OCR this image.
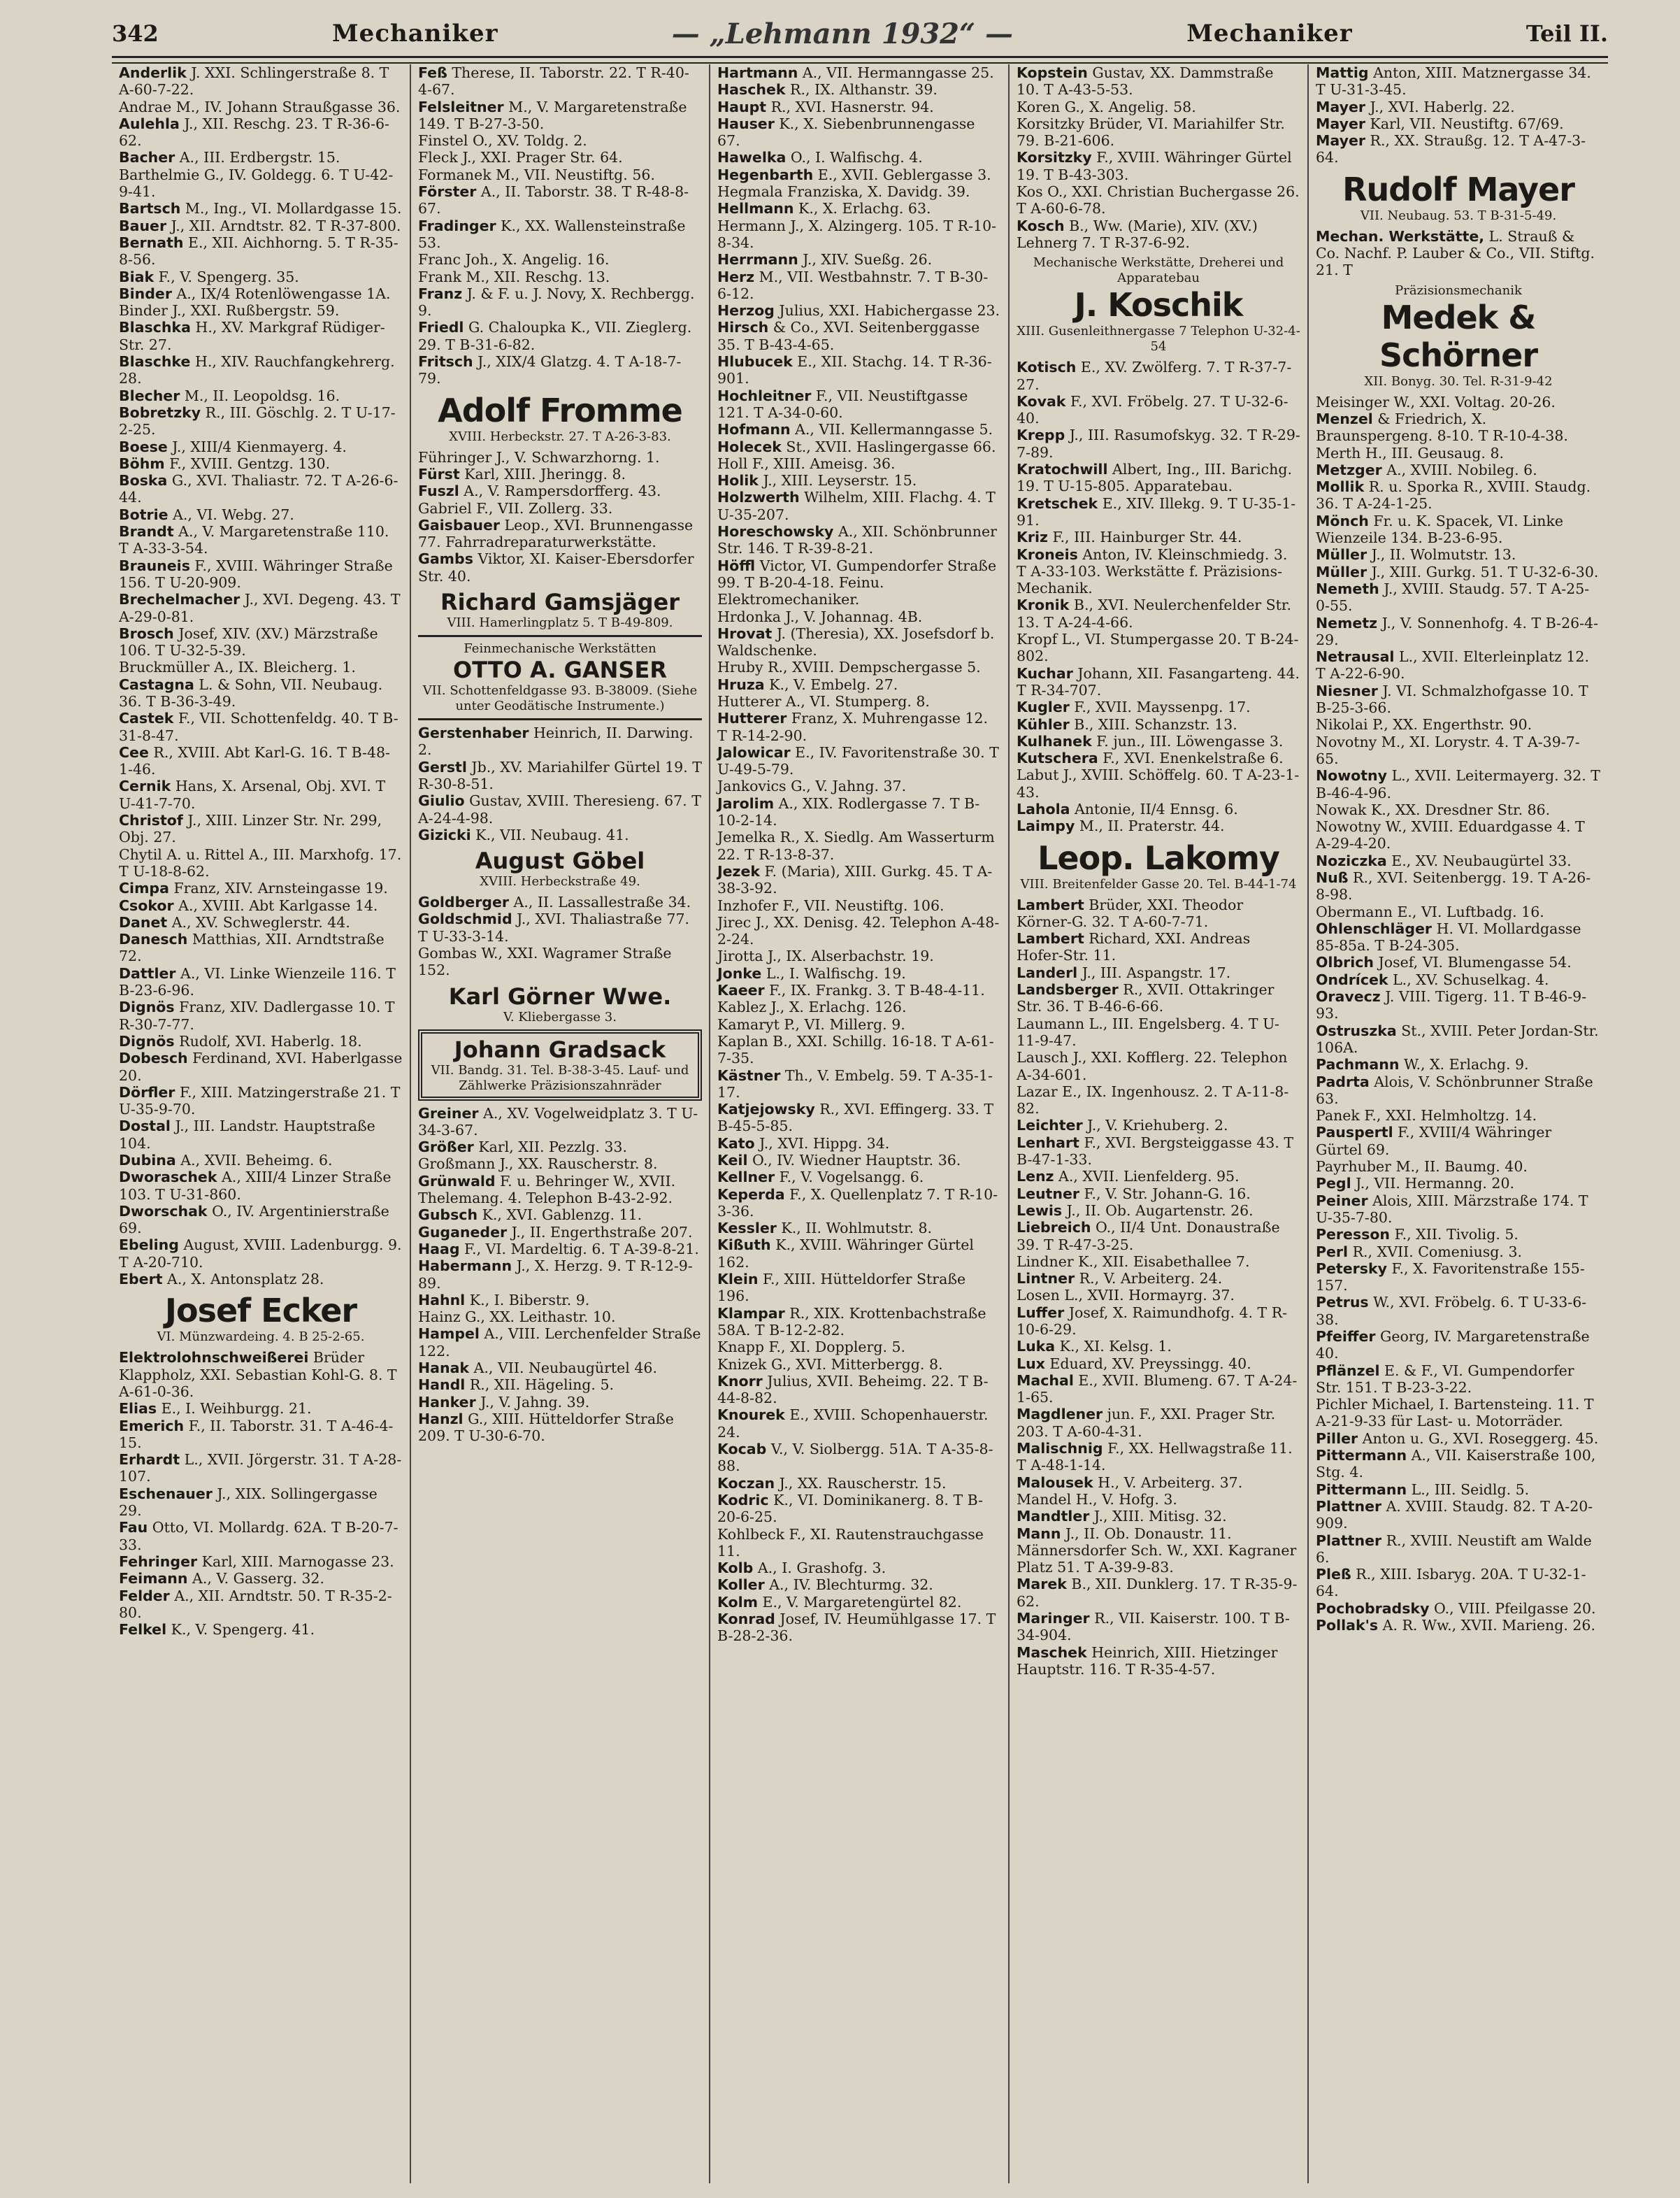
342	Mechaniker	— „Lehmann 1932“ —	Mechaniker	Teil II.

Anderlik J. XXI. Schlingerstraße 8. T A-60-7-22.

Andrae M., IV. Johann Straußgasse 36.

Aulehla J., XII. Reschg. 23. T R-36-6-62.

Bacher A., III. Erdbergstr. 15.

Barthelmie G., IV. Goldegg. 6. T U-42-9-41.

Bartsch M., Ing., VI. Mollardgasse 15.

Bauer J., XII. Arndtstr. 82. T R-37-800.

Bernath E., XII. Aichhorng. 5. T R-35-8-56.

Biak F., V. Spengerg. 35.

Binder A., IX/4 Rotenlöwengasse 1A.

Binder J., XXI. Rußbergstr. 59.

Blaschka H., XV. Markgraf Rüdiger-Str. 27.

Blaschke H., XIV. Rauchfangkehrerg. 28.

Blecher M., II. Leopoldsg. 16.

Bobretzky R., III. Göschlg. 2. T U-17-2-25.

Boese J., XIII/4 Kienmayerg. 4.

Böhm F., XVIII. Gentzg. 130.

Boska G., XVI. Thaliastr. 72. T A-26-6-44.

Botrie A., VI. Webg. 27.

Brandt A., V. Margaretenstraße 110. T A-33-3-54.

Brauneis F., XVIII. Währinger Straße 156. T U-20-909.

Brechelmacher J., XVI. Degeng. 43. T A-29-0-81.

Brosch Josef, XIV. (XV.) Märzstraße 106. T U-32-5-39.

Bruckmüller A., IX. Bleicherg. 1.

Castagna L. & Sohn, VII. Neubaug. 36. T B-36-3-49.

Castek F., VII. Schottenfeldg. 40. T B-31-8-47.

Cee R., XVIII. Abt Karl-G. 16. T B-48-1-46.

Cernik Hans, X. Arsenal, Obj. XVI. T U-41-7-70.

Christof J., XIII. Linzer Str. Nr. 299, Obj. 27.

Chytil A. u. Rittel A., III. Marxhofg. 17. T U-18-8-62.

Cimpa Franz, XIV. Arnsteingasse 19.

Csokor A., XVIII. Abt Karlgasse 14.

Danet A., XV. Schweglerstr. 44.

Danesch Matthias, XII. Arndtstraße 72.

Dattler A., VI. Linke Wienzeile 116. T B-23-6-96.

Dignös Franz, XIV. Dadlergasse 10. T R-30-7-77.

Dignös Rudolf, XVI. Haberlg. 18.

Dobesch Ferdinand, XVI. Haberlgasse 20.

Dörfler F., XIII. Matzingerstraße 21. T U-35-9-70.

Dostal J., III. Landstr. Hauptstraße 104.

Dubina A., XVII. Beheimg. 6.

Dworaschek A., XIII/4 Linzer Straße 103. T U-31-860.

Dworschak O., IV. Argentinierstraße 69.

Ebeling August, XVIII. Ladenburgg. 9. T A-20-710.

Ebert A., X. Antonsplatz 28.

Josef Ecker
VI. Münzwardeing. 4. B 25-2-65.

Elektrolohnschweißerei Brüder Klappholz, XXI. Sebastian Kohl-G. 8. T A-61-0-36.

Elias E., I. Weihburgg. 21.

Emerich F., II. Taborstr. 31. T A-46-4-15.

Erhardt L., XVII. Jörgerstr. 31. T A-28-107.

Eschenauer J., XIX. Sollingergasse 29.

Fau Otto, VI. Mollardg. 62A. T B-20-7-33.

Fehringer Karl, XIII. Marnogasse 23.

Feimann A., V. Gasserg. 32.

Felder A., XII. Arndtstr. 50. T R-35-2-80.

Felkel K., V. Spengerg. 41.

Feß Therese, II. Taborstr. 22. T R-40-4-67.

Felsleitner M., V. Margaretenstraße 149. T B-27-3-50.

Finstel O., XV. Toldg. 2.

Fleck J., XXI. Prager Str. 64.

Formanek M., VII. Neustiftg. 56.

Förster A., II. Taborstr. 38. T R-48-8-67.

Fradinger K., XX. Wallensteinstraße 53.

Franc Joh., X. Angelig. 16.

Frank M., XII. Reschg. 13.

Franz J. & F. u. J. Novy, X. Rechbergg. 9.

Friedl G. Chaloupka K., VII. Zieglerg. 29. T B-31-6-82.

Fritsch J., XIX/4 Glatzg. 4. T A-18-7-79.

Adolf Fromme
XVIII. Herbeckstr. 27. T A-26-3-83.

Führinger J., V. Schwarzhorng. 1.

Fürst Karl, XIII. Jheringg. 8.

Fuszl A., V. Rampersdorfferg. 43.

Gabriel F., VII. Zollerg. 33.

Gaisbauer Leop., XVI. Brunnengasse 77. Fahrradreparaturwerkstätte.

Gambs Viktor, XI. Kaiser-Ebersdorfer Str. 40.

Richard Gamsjäger
VIII. Hamerlingplatz 5. T B-49-809.
Feinmechanische Werkstätten
OTTO A. GANSER
VII. Schottenfeldgasse 93. B-38009. (Siehe unter Geodätische Instrumente.)

Gerstenhaber Heinrich, II. Darwing. 2.

Gerstl Jb., XV. Mariahilfer Gürtel 19. T R-30-8-51.

Giulio Gustav, XVIII. Theresieng. 67. T A-24-4-98.

Gizicki K., VII. Neubaug. 41.

August Göbel
XVIII. Herbeckstraße 49.

Goldberger A., II. Lassallestraße 34.

Goldschmid J., XVI. Thaliastraße 77. T U-33-3-14.

Gombas W., XXI. Wagramer Straße 152.

Karl Görner Wwe.
V. Kliebergasse 3.
Johann Gradsack
VII. Bandg. 31. Tel. B-38-3-45. Lauf- und Zählwerke Präzisionszahnräder

Greiner A., XV. Vogelweidplatz 3. T U-34-3-67.

Größer Karl, XII. Pezzlg. 33.

Großmann J., XX. Rauscherstr. 8.

Grünwald F. u. Behringer W., XVII. Thelemang. 4. Telephon B-43-2-92.

Gubsch K., XVI. Gablenzg. 11.

Guganeder J., II. Engerthstraße 207.

Haag F., VI. Mardeltig. 6. T A-39-8-21.

Habermann J., X. Herzg. 9. T R-12-9-89.

Hahnl K., I. Biberstr. 9.

Hainz G., XX. Leithastr. 10.

Hampel A., VIII. Lerchenfelder Straße 122.

Hanak A., VII. Neubaugürtel 46.

Handl R., XII. Hägeling. 5.

Hanker J., V. Jahng. 39.

Hanzl G., XIII. Hütteldorfer Straße 209. T U-30-6-70.

Hartmann A., VII. Hermanngasse 25.

Haschek R., IX. Althanstr. 39.

Haupt R., XVI. Hasnerstr. 94.

Hauser K., X. Siebenbrunnengasse 67.

Hawelka O., I. Walfischg. 4.

Hegenbarth E., XVII. Geblergasse 3.

Hegmala Franziska, X. Davidg. 39.

Hellmann K., X. Erlachg. 63.

Hermann J., X. Alzingerg. 105. T R-10-8-34.

Herrmann J., XIV. Sueßg. 26.

Herz M., VII. Westbahnstr. 7. T B-30-6-12.

Herzog Julius, XXI. Habichergasse 23.

Hirsch & Co., XVI. Seitenberggasse 35. T B-43-4-65.

Hlubucek E., XII. Stachg. 14. T R-36-901.

Hochleitner F., VII. Neustiftgasse 121. T A-34-0-60.

Hofmann A., VII. Kellermanngasse 5.

Holecek St., XVII. Haslingergasse 66.

Holl F., XIII. Ameisg. 36.

Holik J., XIII. Leyserstr. 15.

Holzwerth Wilhelm, XIII. Flachg. 4. T U-35-207.

Horeschowsky A., XII. Schönbrunner Str. 146. T R-39-8-21.

Höffl Victor, VI. Gumpendorfer Straße 99. T B-20-4-18. Feinu. Elektromechaniker.

Hrdonka J., V. Johannag. 4B.

Hrovat J. (Theresia), XX. Josefsdorf b. Waldschenke.

Hruby R., XVIII. Dempschergasse 5.

Hruza K., V. Embelg. 27.

Hutterer A., VI. Stumperg. 8.

Hutterer Franz, X. Muhrengasse 12. T R-14-2-90.

Jalowicar E., IV. Favoritenstraße 30. T U-49-5-79.

Jankovics G., V. Jahng. 37.

Jarolim A., XIX. Rodlergasse 7. T B-10-2-14.

Jemelka R., X. Siedlg. Am Wasserturm 22. T R-13-8-37.

Jezek F. (Maria), XIII. Gurkg. 45. T A-38-3-92.

Inzhofer F., VII. Neustiftg. 106.

Jirec J., XX. Denisg. 42. Telephon A-48-2-24.

Jirotta J., IX. Alserbachstr. 19.

Jonke L., I. Walfischg. 19.

Kaeer F., IX. Frankg. 3. T B-48-4-11.

Kablez J., X. Erlachg. 126.

Kamaryt P., VI. Millerg. 9.

Kaplan B., XXI. Schillg. 16-18. T A-61-7-35.

Kästner Th., V. Embelg. 59. T A-35-1-17.

Katjejowsky R., XVI. Effingerg. 33. T B-45-5-85.

Kato J., XVI. Hippg. 34.

Keil O., IV. Wiedner Hauptstr. 36.

Kellner F., V. Vogelsangg. 6.

Keperda F., X. Quellenplatz 7. T R-10-3-36.

Kessler K., II. Wohlmutstr. 8.

Kißuth K., XVIII. Währinger Gürtel 162.

Klein F., XIII. Hütteldorfer Straße 196.

Klampar R., XIX. Krottenbachstraße 58A. T B-12-2-82.

Knapp F., XI. Dopplerg. 5.

Knizek G., XVI. Mitterbergg. 8.

Knorr Julius, XVII. Beheimg. 22. T B-44-8-82.

Knourek E., XVIII. Schopenhauerstr. 24.

Kocab V., V. Siolbergg. 51A. T A-35-8-88.

Koczan J., XX. Rauscherstr. 15.

Kodric K., VI. Dominikanerg. 8. T B-20-6-25.

Kohlbeck F., XI. Rautenstrauchgasse 11.

Kolb A., I. Grashofg. 3.

Koller A., IV. Blechturmg. 32.

Kolm E., V. Margaretengürtel 82.

Konrad Josef, IV. Heumühlgasse 17. T B-28-2-36.

Kopstein Gustav, XX. Dammstraße 10. T A-43-5-53.

Koren G., X. Angelig. 58.

Korsitzky Brüder, VI. Mariahilfer Str. 79. B-21-606.

Korsitzky F., XVIII. Währinger Gürtel 19. T B-43-303.

Kos O., XXI. Christian Buchergasse 26. T A-60-6-78.

Kosch B., Ww. (Marie), XIV. (XV.) Lehnerg 7. T R-37-6-92.

Mechanische Werkstätte, Dreherei und Apparatebau
J. Koschik
XIII. Gusenleithnergasse 7 Telephon U-32-4-54

Kotisch E., XV. Zwölferg. 7. T R-37-7-27.

Kovak F., XVI. Fröbelg. 27. T U-32-6-40.

Krepp J., III. Rasumofskyg. 32. T R-29-7-89.

Kratochwill Albert, Ing., III. Barichg. 19. T U-15-805. Apparatebau.

Kretschek E., XIV. Illekg. 9. T U-35-1-91.

Kriz F., III. Hainburger Str. 44.

Kroneis Anton, IV. Kleinschmiedg. 3. T A-33-103. Werkstätte f. Präzisions-Mechanik.

Kronik B., XVI. Neulerchenfelder Str. 13. T A-24-4-66.

Kropf L., VI. Stumpergasse 20. T B-24-802.

Kuchar Johann, XII. Fasangarteng. 44. T R-34-707.

Kugler F., XVII. Mayssenpg. 17.

Kühler B., XIII. Schanzstr. 13.

Kulhanek F. jun., III. Löwengasse 3.

Kutschera F., XVI. Enenkelstraße 6.

Labut J., XVIII. Schöffelg. 60. T A-23-1-43.

Lahola Antonie, II/4 Ennsg. 6.

Laimpy M., II. Praterstr. 44.

Leop. Lakomy
VIII. Breitenfelder Gasse 20. Tel. B-44-1-74

Lambert Brüder, XXI. Theodor Körner-G. 32. T A-60-7-71.

Lambert Richard, XXI. Andreas Hofer-Str. 11.

Landerl J., III. Aspangstr. 17.

Landsberger R., XVII. Ottakringer Str. 36. T B-46-6-66.

Laumann L., III. Engelsberg. 4. T U-11-9-47.

Lausch J., XXI. Kofflerg. 22. Telephon A-34-601.

Lazar E., IX. Ingenhousz. 2. T A-11-8-82.

Leichter J., V. Kriehuberg. 2.

Lenhart F., XVI. Bergsteiggasse 43. T B-47-1-33.

Lenz A., XVII. Lienfelderg. 95.

Leutner F., V. Str. Johann-G. 16.

Lewis J., II. Ob. Augartenstr. 26.

Liebreich O., II/4 Unt. Donaustraße 39. T R-47-3-25.

Lindner K., XII. Eisabethallee 7.

Lintner R., V. Arbeiterg. 24.

Losen L., XVII. Hormayrg. 37.

Luffer Josef, X. Raimundhofg. 4. T R-10-6-29.

Luka K., XI. Kelsg. 1.

Lux Eduard, XV. Preyssingg. 40.

Machal E., XVII. Blumeng. 67. T A-24-1-65.

Magdlener jun. F., XXI. Prager Str. 203. T A-60-4-31.

Malischnig F., XX. Hellwagstraße 11. T A-48-1-14.

Malousek H., V. Arbeiterg. 37.

Mandel H., V. Hofg. 3.

Mandtler J., XIII. Mitisg. 32.

Mann J., II. Ob. Donaustr. 11.

Männersdorfer Sch. W., XXI. Kagraner Platz 51. T A-39-9-83.

Marek B., XII. Dunklerg. 17. T R-35-9-62.

Maringer R., VII. Kaiserstr. 100. T B-34-904.

Maschek Heinrich, XIII. Hietzinger Hauptstr. 116. T R-35-4-57.

Mattig Anton, XIII. Matznergasse 34. T U-31-3-45.

Mayer J., XVI. Haberlg. 22.

Mayer Karl, VII. Neustiftg. 67/69.

Mayer R., XX. Straußg. 12. T A-47-3-64.

Rudolf Mayer
VII. Neubaug. 53. T B-31-5-49.

Mechan. Werkstätte, L. Strauß & Co. Nachf. P. Lauber & Co., VII. Stiftg. 21. T

Präzisionsmechanik
Medek & Schörner
XII. Bonyg. 30. Tel. R-31-9-42

Meisinger W., XXI. Voltag. 20-26.

Menzel & Friedrich, X. Braunspergeng. 8-10. T R-10-4-38.

Merth H., III. Geusaug. 8.

Metzger A., XVIII. Nobileg. 6.

Mollik R. u. Sporka R., XVIII. Staudg. 36. T A-24-1-25.

Mönch Fr. u. K. Spacek, VI. Linke Wienzeile 134. B-23-6-95.

Müller J., II. Wolmutstr. 13.

Müller J., XIII. Gurkg. 51. T U-32-6-30.

Nemeth J., XVIII. Staudg. 57. T A-25-0-55.

Nemetz J., V. Sonnenhofg. 4. T B-26-4-29.

Netrausal L., XVII. Elterleinplatz 12. T A-22-6-90.

Niesner J. VI. Schmalzhofgasse 10. T B-25-3-66.

Nikolai P., XX. Engerthstr. 90.

Novotny M., XI. Lorystr. 4. T A-39-7-65.

Nowotny L., XVII. Leitermayerg. 32. T B-46-4-96.

Nowak K., XX. Dresdner Str. 86.

Nowotny W., XVIII. Eduardgasse 4. T A-29-4-20.

Noziczka E., XV. Neubaugürtel 33.

Nuß R., XVI. Seitenbergg. 19. T A-26-8-98.

Obermann E., VI. Luftbadg. 16.

Ohlenschläger H. VI. Mollardgasse 85-85a. T B-24-305.

Olbrich Josef, VI. Blumengasse 54.

Ondrícek L., XV. Schuselkag. 4.

Oravecz J. VIII. Tigerg. 11. T B-46-9-93.

Ostruszka St., XVIII. Peter Jordan-Str. 106A.

Pachmann W., X. Erlachg. 9.

Padrta Alois, V. Schönbrunner Straße 63.

Panek F., XXI. Helmholtzg. 14.

Pauspertl F., XVIII/4 Währinger Gürtel 69.

Payrhuber M., II. Baumg. 40.

Pegl J., VII. Hermanng. 20.

Peiner Alois, XIII. Märzstraße 174. T U-35-7-80.

Peresson F., XII. Tivolig. 5.

Perl R., XVII. Comeniusg. 3.

Petersky F., X. Favoritenstraße 155-157.

Petrus W., XVI. Fröbelg. 6. T U-33-6-38.

Pfeiffer Georg, IV. Margaretenstraße 40.

Pflänzel E. & F., VI. Gumpendorfer Str. 151. T B-23-3-22.

Pichler Michael, I. Bartensteing. 11. T A-21-9-33 für Last- u. Motorräder.

Piller Anton u. G., XVI. Roseggerg. 45.

Pittermann A., VII. Kaiserstraße 100, Stg. 4.

Pittermann L., III. Seidlg. 5.

Plattner A. XVIII. Staudg. 82. T A-20-909.

Plattner R., XVIII. Neustift am Walde 6.

Pleß R., XIII. Isbaryg. 20A. T U-32-1-64.

Pochobradsky O., VIII. Pfeilgasse 20.

Pollak's A. R. Ww., XVII. Marieng. 26.
